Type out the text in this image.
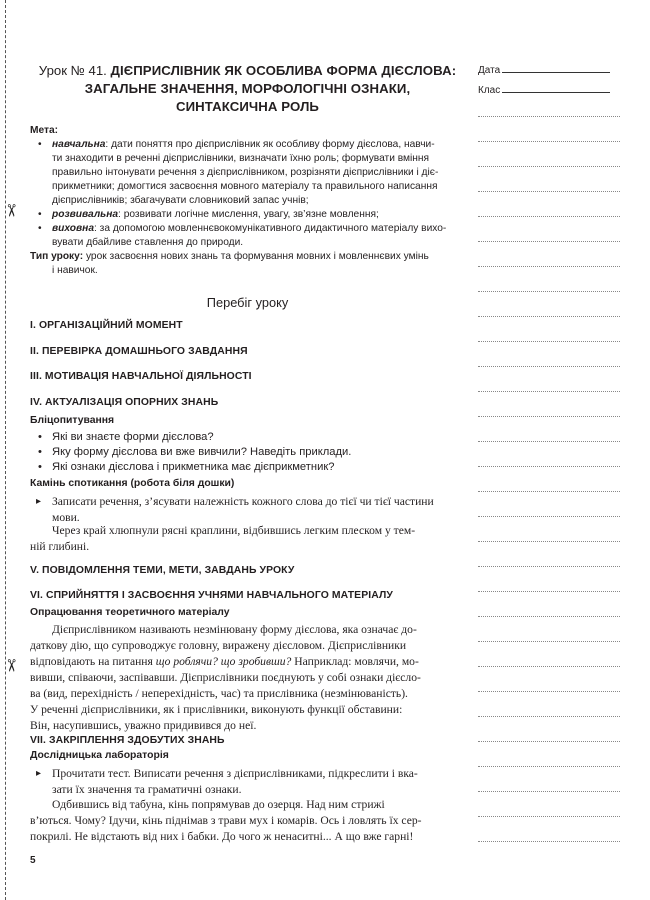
✂
✂
Урок № 41. ДІЄПРИСЛІВНИК ЯК ОСОБЛИВА ФОРМА ДІЄСЛОВА:
ЗАГАЛЬНЕ ЗНАЧЕННЯ, МОРФОЛОГІЧНІ ОЗНАКИ,
СИНТАКСИЧНА РОЛЬ
Дата
Клас
Мета:
• навчальна: дати поняття про дієприслівник як особливу форму дієслова, навчи-
ти знаходити в реченні дієприслівники, визначати їхню роль; формувати вміння
правильно інтонувати речення з дієприслівником, розрізняти дієприслівники і діє-
прикметники; домогтися засвоєння мовного матеріалу та правильного написання
дієприслівників; збагачувати словниковий запас учнів;
• розвивальна: розвивати логічне мислення, увагу, зв’язне мовлення;
• виховна: за допомогою мовленнєвокомунікативного дидактичного матеріалу вихо-
вувати дбайливе ставлення до природи.
Тип уроку: урок засвоєння нових знань та формування мовних і мовленнєвих умінь
і навичок.
Перебіг уроку
I. ОРГАНІЗАЦІЙНИЙ МОМЕНТ
II. ПЕРЕВІРКА ДОМАШНЬОГО ЗАВДАННЯ
III. МОТИВАЦІЯ НАВЧАЛЬНОЇ ДІЯЛЬНОСТІ
IV. АКТУАЛІЗАЦІЯ ОПОРНИХ ЗНАНЬ
Бліцопитування
• Які ви знаєте форми дієслова?
• Яку форму дієслова ви вже вивчили? Наведіть приклади.
• Які ознаки дієслова і прикметника має дієприкметник?
Камінь спотикання (робота біля дошки)
▸ Записати речення, з’ясувати належність кожного слова до тієї чи тієї частини
мови.
Через край хлюпнули рясні краплини, відбившись легким плеском у тем-

ній глибині.
V. ПОВІДОМЛЕННЯ ТЕМИ, МЕТИ, ЗАВДАНЬ УРОКУ
VI. СПРИЙНЯТТЯ І ЗАСВОЄННЯ УЧНЯМИ НАВЧАЛЬНОГО МАТЕРІАЛУ
Опрацювання теоретичного матеріалу
Дієприслівником називають незмінювану форму дієслова, яка означає до-
даткову дію, що супроводжує головну, виражену дієсловом. Дієприслівники
відповідають на питання що роблячи? що зробивши? Наприклад: мовлячи, мо-
вивши, співаючи, заспівавши. Дієприслівники поєднують у собі ознаки дієсло-
ва (вид, перехідність / неперехідність, час) та прислівника (незмінюваність).
У реченні дієприслівники, як і прислівники, виконують функції обставини:
Він, насупившись, уважно придивився до неї.
VII. ЗАКРІПЛЕННЯ ЗДОБУТИХ ЗНАНЬ
Дослідницька лабораторія
▸ Прочитати тест. Виписати речення з дієприслівниками, підкреслити і вка-
зати їх значення та граматичні ознаки.
Одбившись від табуна, кінь попрямував до озерця. Над ним стрижі
в’ються. Чому? Ідучи, кінь піднімав з трави мух і комарів. Ось і ловлять їх сер-
покрилі. Не відстають від них і бабки. До чого ж ненаситні... А що вже гарні!
5
